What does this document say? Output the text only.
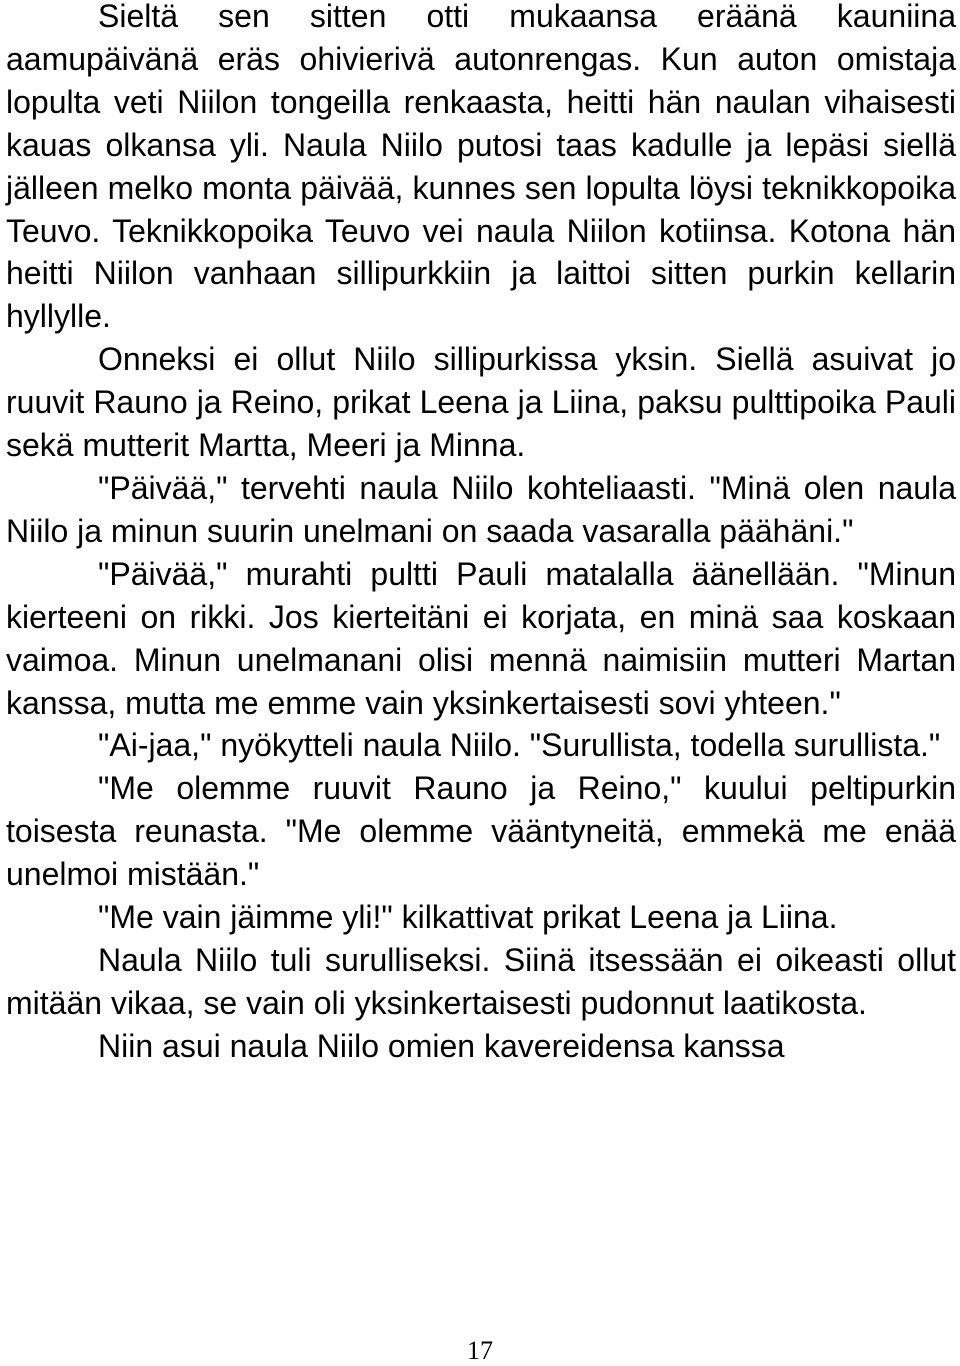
Sieltä sen sitten otti mukaansa eräänä kauniina aamupäivänä eräs ohivierivä autonrengas. Kun auton omistaja lopulta veti Niilon tongeilla renkaasta, heitti hän naulan vihaisesti kauas olkansa yli. Naula Niilo putosi taas kadulle ja lepäsi siellä jälleen melko monta päivää, kunnes sen lopulta löysi teknikkopoika Teuvo. Teknikkopoika Teuvo vei naula Niilon kotiinsa. Kotona hän heitti Niilon vanhaan sillipurkkiin ja laittoi sitten purkin kellarin hyllylle.

Onneksi ei ollut Niilo sillipurkissa yksin. Siellä asuivat jo ruuvit Rauno ja Reino, prikat Leena ja Liina, paksu pulttipoika Pauli sekä mutterit Martta, Meeri ja Minna.

"Päivää," tervehti naula Niilo kohteliaasti. "Minä olen naula Niilo ja minun suurin unelmani on saada vasaralla päähäni."

"Päivää," murahti pultti Pauli matalalla äänellään. "Minun kierteeni on rikki. Jos kierteitäni ei korjata, en minä saa koskaan vaimoa. Minun unelmanani olisi mennä naimisiin mutteri Martan kanssa, mutta me emme vain yksinkertaisesti sovi yhteen."

"Ai-jaa," nyökytteli naula Niilo. "Surullista, todella surullista."

"Me olemme ruuvit Rauno ja Reino," kuului peltipurkin toisesta reunasta. "Me olemme vääntyneitä, emmekä me enää unelmoi mistään."

"Me vain jäimme yli!" kilkattivat prikat Leena ja Liina.

Naula Niilo tuli surulliseksi. Siinä itsessään ei oikeasti ollut mitään vikaa, se vain oli yksinkertaisesti pudonnut laatikosta.

Niin asui naula Niilo omien kavereidensa kanssa

17
